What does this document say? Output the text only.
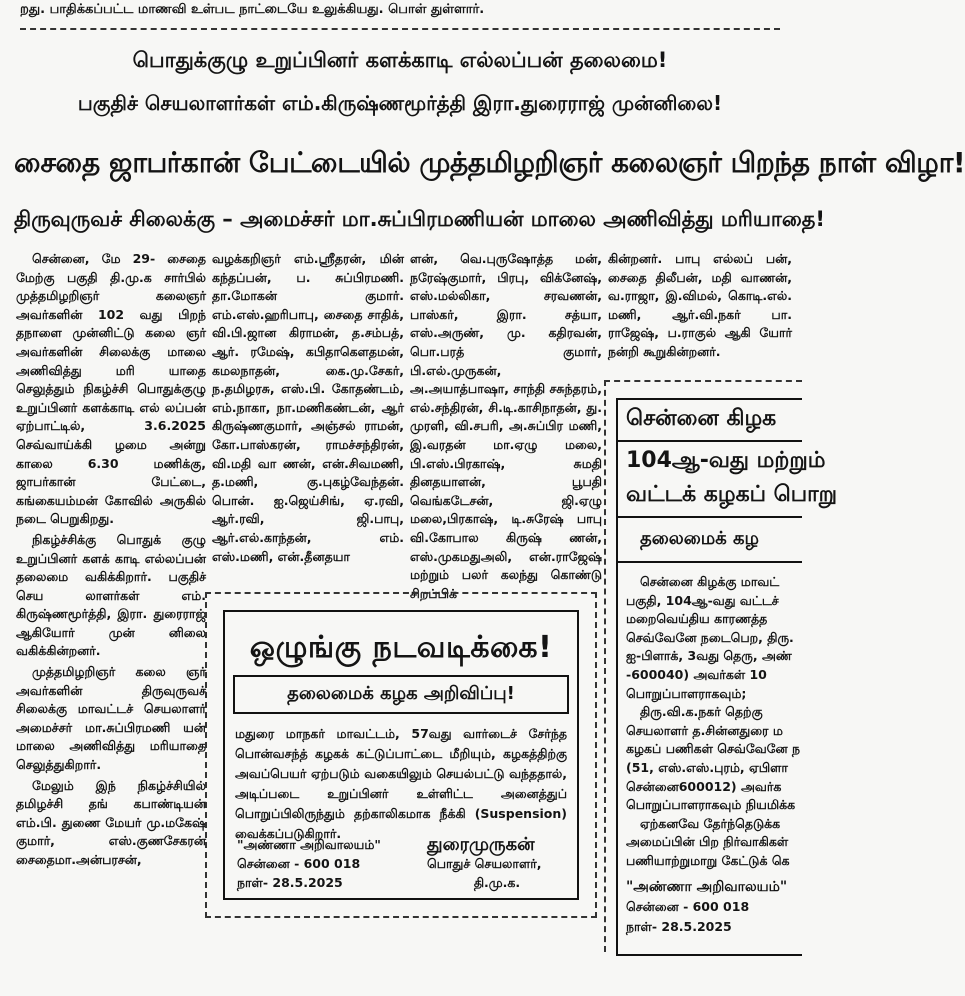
றது. பாதிக்கப்பட்ட மாணவி உள்பட நாட்டையே உலுக்கியது. பொள் துள்ளார்.
பொதுக்குழு உறுப்பினர் களக்காடி எல்லப்பன் தலைமை!
பகுதிச் செயலாளர்கள் எம்.கிருஷ்ணமூர்த்தி இரா.துரைராஜ் முன்னிலை!
சைதை ஜாபர்கான் பேட்டையில் முத்தமிழறிஞர் கலைஞர் பிறந்த நாள் விழா!
திருவுருவச் சிலைக்கு – அமைச்சர் மா.சுப்பிரமணியன் மாலை அணிவித்து மரியாதை!

சென்னை, மே 29- சைதை மேற்கு பகுதி தி.மு.க சார்பில் முத்தமிழறிஞர் கலைஞர் அவர்களின் 102 வது பிறந் தநாளை முன்னிட்டு கலை ஞர் அவர்களின் சிலைக்கு மாலை அணிவித்து மரி யாதை செலுத்தும் நிகழ்ச்சி பொதுக்குழு உறுப்பினர் களக்காடி எல் லப்பன் ஏற்பாட்டில், 3.6.2025 செவ்வாய்க்கி ழமை அன்று காலை 6.30 மணிக்கு, ஜாபர்கான் பேட்டை, கங்கையம்மன் கோவில் அருகில் நடை பெறுகிறது.

நிகழ்ச்சிக்கு பொதுக் குழு உறுப்பினர் களக் காடி எல்லப்பன் தலைமை வகிக்கிறார். பகுதிச் செய லாளர்கள் எம். கிருஷ்ணமூர்த்தி, இரா. துரைராஜ் ஆகியோர் முன் னிலை வகிக்கின்றனர்.

முத்தமிழறிஞர் கலை ஞர் அவர்களின் திருவுருவச் சிலைக்கு மாவட்டச் செயலாளர் அமைச்சர் மா.சுப்பிரமணி யன் மாலை அணிவித்து மரியாதை செலுத்துகிறார்.

மேலும் இந் நிகழ்ச்சியில் தமிழச்சி தங் கபாண்டியன் எம்.பி. துணை மேயர் மு.மகேஷ் குமார், எஸ்.குணசேகரன் சைதைமா.அன்பரசன்,

வழக்கறிஞர் எம்.ஸ்ரீதரன், மின் கந்தப்பன், ப. சுப்பிரமணி. தா.மோகன் குமார். எம்.எஸ்.ஹரிபாபு, சைதை சாதிக், வி.பி.ஜான கிராமன், த.சம்பத், ஆர். ரமேஷ், கபிதாகௌதமன், கமலநாதன், கை.மு.சேகர், ந.தமிழரசு, எஸ்.பி. கோதண்டம், எம்.நாகா, நா.மணிகண்டன், ஆர் கிருஷ்ணகுமார், அஞ்சல் ராமன், கோ.பாஸ்கரன், ராமச்சந்திரன், வி.மதி வா ணன், என்.சிவமணி, த.மணி, கு.புகழ்வேந்தன். பொன். ஐ.ஜெய்சிங், ஏ.ரவி, ஆர்.ரவி, ஜி.பாபு, ஆர்.எல்.காந்தன், எம். எஸ்.மணி, என்.தீனதயா

ளன், வெ.புருஷோத்த மன், நரேஷ்குமார், பிரபு, விக்னேஷ், எஸ்.மல்லிகா, சரவணன், பாஸ்கர், இரா. சத்யா, எஸ்.அருண், மு. கதிரவன், பொ.பரத் குமார், பி.எல்.முருகன், அ.அயாத்பாஷா, சாந்தி சசுந்தரம், எல்.சந்திரன், சி.டி.காசிநாதன், து. முரளி, வி.சபரி, அ.சுப்பிர மணி, இ.வரதன் மா.ஏழு மலை, பி.எஸ்.பிரகாஷ், சுமதி தினதயாளன், பூபதி வெங்கடேசன், ஜி.ஏழு மலை,பிரகாஷ், டி.சுரேஷ் பாபு வி.கோபால கிருஷ் ணன், எஸ்.முகமதுஅலி, என்.ராஜேஷ் மற்றும் பலர் கலந்து கொண்டு சிறப்பிக்

கின்றனர். பாபு எல்லப் பன், சைதை திலீபன், மதி வாணன், வ.ராஜா, இ.விமல், கொடி.எல். மணி, ஆர்.வி.நகர் பா. ராஜேஷ், ப.ராகுல் ஆகி யோர் நன்றி கூறுகின்றனர்.

ஒழுங்கு நடவடிக்கை!
தலைமைக் கழக அறிவிப்பு!
மதுரை மாநகர் மாவட்டம், 57வது வார்டைச் சேர்ந்த பொன்வசந்த் கழகக் கட்டுப்பாட்டை மீறியும், கழகத்திற்கு அவப்பெயர் ஏற்படும் வகையிலும் செயல்பட்டு வந்ததால், அடிப்படை உறுப்பினர் உள்ளிட்ட அனைத்துப் பொறுப்பிலிருந்தும் தற்காலிகமாக நீக்கி (Suspension) வைக்கப்படுகிறார்.
"அண்ணா அறிவாலயம்"
சென்னை - 600 018
நாள்- 28.5.2025
துரைமுருகன்
பொதுச் செயலாளர்,
தி.மு.க.
சென்னை கிழக
104ஆ-வது மற்றும்
வட்டக் கழகப் பொறு
தலைமைக் கழ
சென்னை கிழக்கு மாவட்
பகுதி, 104ஆ-வது வட்டச்
மறைவெய்திய காரணத்த
செவ்வேனே நடைபெற, திரு.
ஐ-பிளாக், 3வது தெரு, அண்
-600040) அவர்கள் 10
பொறுப்பாளராகவும்;
திரு.வி.க.நகர் தெற்கு
செயலாளர் த.சின்னதுரை ம
கழகப் பணிகள் செவ்வேனே ந
(51, எஸ்.எஸ்.புரம், ஏபிளா
சென்னை600012) அவர்க
பொறுப்பாளராகவும் நியமிக்க
ஏற்கனவே தேர்ந்தெடுக்க
அமைப்பின் பிற நிர்வாகிகள்
பணியாற்றுமாறு கேட்டுக் கெ
"அண்ணா அறிவாலயம்"
சென்னை - 600 018
நாள்- 28.5.2025
